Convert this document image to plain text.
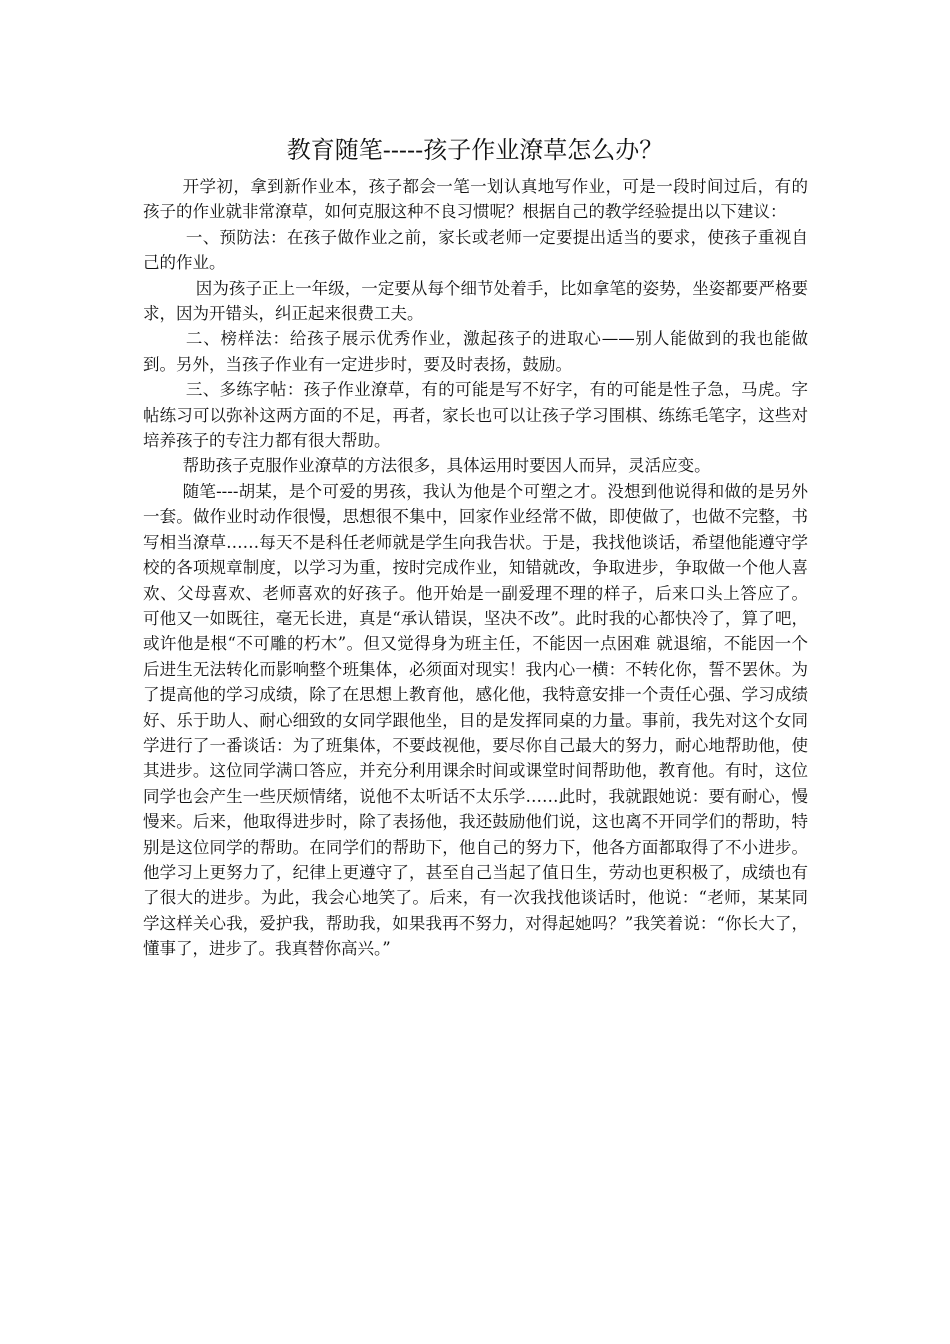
教育随笔-----孩子作业潦草怎么办？

开学初，拿到新作业本，孩子都会一笔一划认真地写作业，可是一段时间过后，有的孩子的作业就非常潦草，如何克服这种不良习惯呢？根据自己的教学经验提出以下建议：

一、预防法：在孩子做作业之前，家长或老师一定要提出适当的要求，使孩子重视自己的作业。

因为孩子正上一年级，一定要从每个细节处着手，比如拿笔的姿势，坐姿都要严格要求，因为开错头，纠正起来很费工夫。

二、榜样法：给孩子展示优秀作业，激起孩子的进取心——别人能做到的我也能做到。另外，当孩子作业有一定进步时，要及时表扬，鼓励。

三、多练字帖：孩子作业潦草，有的可能是写不好字，有的可能是性子急，马虎。字帖练习可以弥补这两方面的不足，再者，家长也可以让孩子学习围棋、练练毛笔字，这些对培养孩子的专注力都有很大帮助。

帮助孩子克服作业潦草的方法很多，具体运用时要因人而异，灵活应变。

随笔----胡某，是个可爱的男孩，我认为他是个可塑之才。没想到他说得和做的是另外一套。做作业时动作很慢，思想很不集中，回家作业经常不做，即使做了，也做不完整，书写相当潦草……每天不是科任老师就是学生向我告状。于是，我找他谈话，希望他能遵守学校的各项规章制度，以学习为重，按时完成作业，知错就改，争取进步，争取做一个他人喜欢、父母喜欢、老师喜欢的好孩子。他开始是一副爱理不理的样子，后来口头上答应了。 可他又一如既往，毫无长进，真是“承认错误，坚决不改”。此时我的心都快冷了，算了吧，或许他是根“不可雕的朽木”。但又觉得身为班主任，不能因一点困难 就退缩，不能因一个后进生无法转化而影响整个班集体，必须面对现实！我内心一横：不转化你，誓不罢休。为了提高他的学习成绩，除了在思想上教育他，感化他，我特意安排一个责任心强、学习成绩好、乐于助人、耐心细致的女同学跟他坐，目的是发挥同桌的力量。事前，我先对这个女同学进行了一番谈话：为了班集体，不要歧视他，要尽你自己最大的努力，耐心地帮助他，使其进步。这位同学满口答应，并充分利用课余时间或课堂时间帮助他，教育他。有时，这位同学也会产生一些厌烦情绪，说他不太听话不太乐学……此时，我就跟她说：要有耐心，慢慢来。后来，他取得进步时，除了表扬他，我还鼓励他们说，这也离不开同学们的帮助，特别是这位同学的帮助。在同学们的帮助下，他自己的努力下，他各方面都取得了不小进步。他学习上更努力了，纪律上更遵守了，甚至自己当起了值日生，劳动也更积极了，成绩也有了很大的进步。为此，我会心地笑了。后来，有一次我找他谈话时，他说：“老师，某某同学这样关心我，爱护我，帮助我，如果我再不努力，对得起她吗？”我笑着说：“你长大了，懂事了，进步了。我真替你高兴。”
